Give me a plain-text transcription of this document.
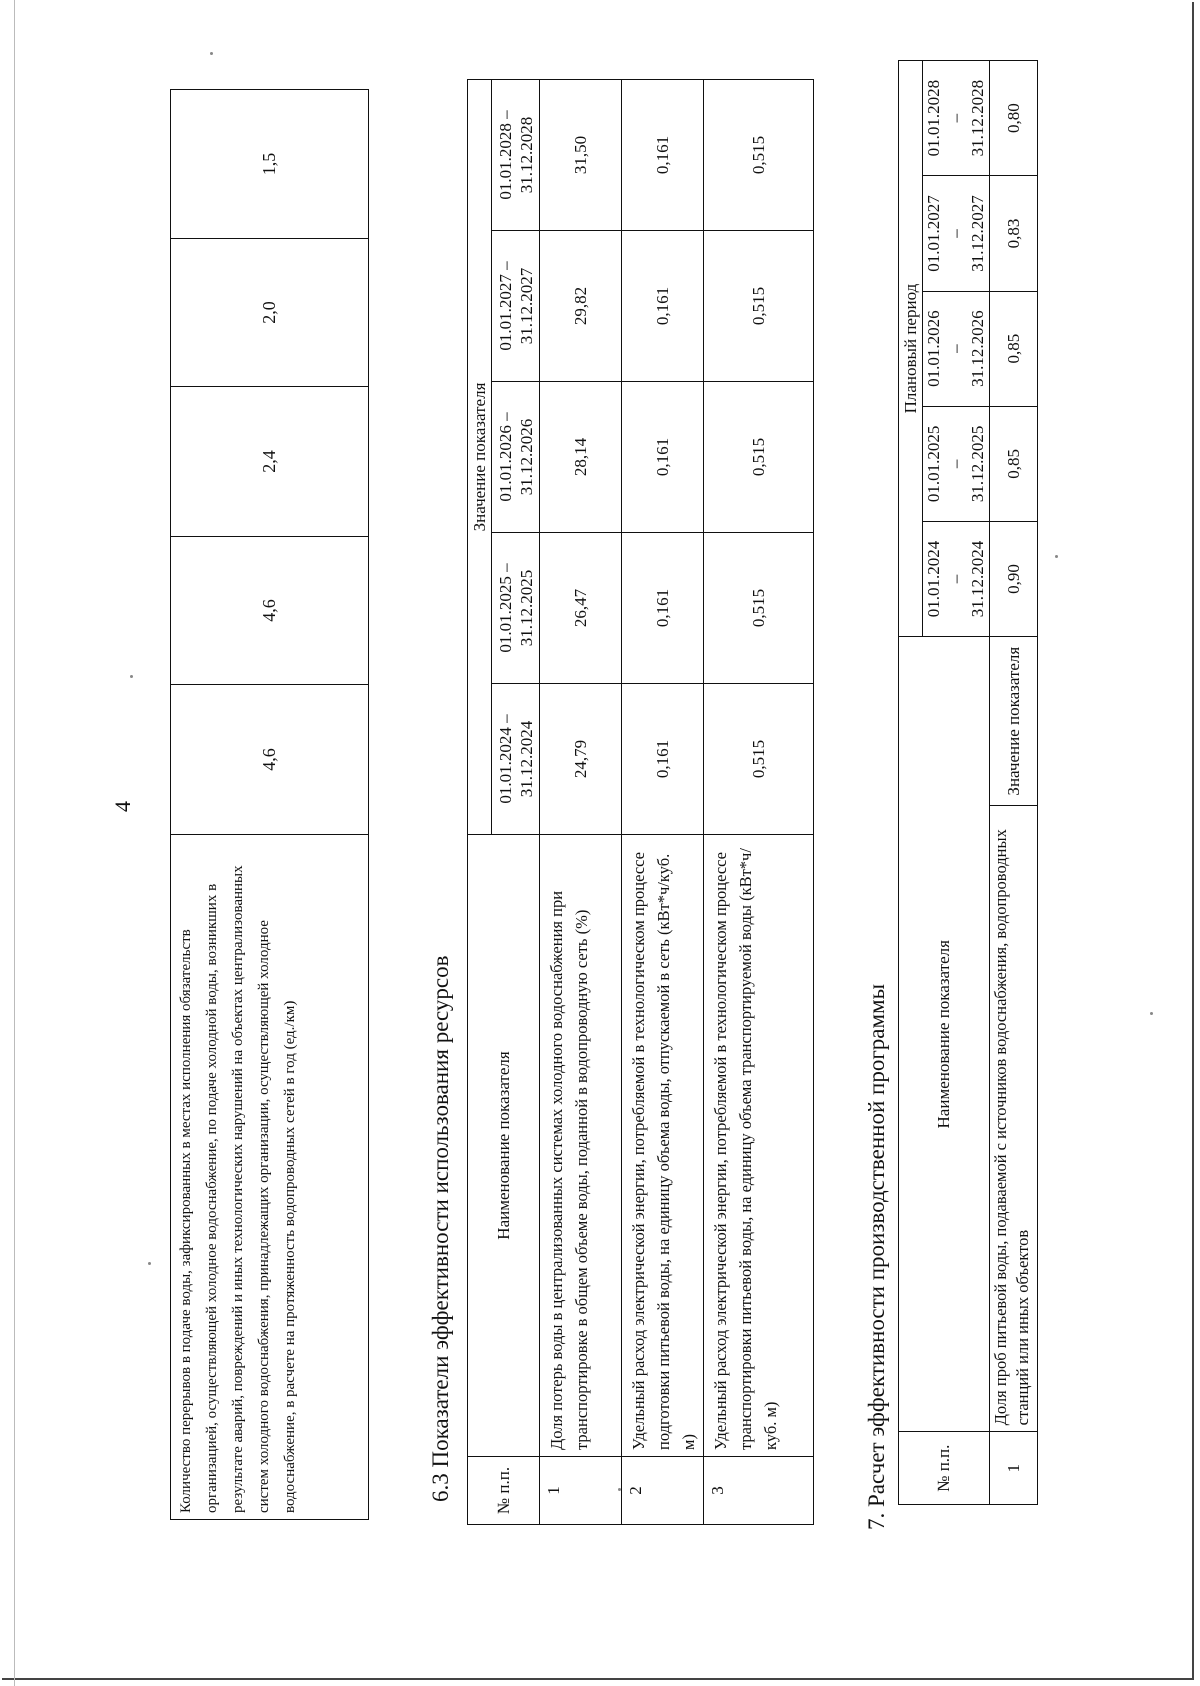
4
Количество перерывов в подаче воды, зафиксированных в местах исполнения обязательств организацией, осуществляющей холодное водоснабжение, по подаче холодной воды, возникших в результате аварий, повреждений и иных технологических нарушений на объектах централизованных систем холодного водоснабжения, принадлежащих организации, осуществляющей холодное водоснабжение, в расчете на протяженность водопроводных сетей в год (ед./км)	4,6	4,6	2,4	2,0	1,5
6.3 Показатели эффективности использования ресурсов № п.п.	Наименование показателя	Значение показателя				
		01.01.2024 – 31.12.2024	01.01.2025 – 31.12.2025	01.01.2026 – 31.12.2026	01.01.2027 – 31.12.2027	01.01.2028 – 31.12.2028
1	Доля потерь воды в централизованных системах холодного водоснабжения при транспортировке в общем объеме воды, поданной в водопроводную сеть (%)	24,79	26,47	28,14	29,82	31,50
2	Удельный расход электрической энергии, потребляемой в технологическом процессе подготовки питьевой воды, на единицу объема воды, отпускаемой в сеть (кВт*ч/куб. м)	0,161	0,161	0,161	0,161	0,161
3	Удельный расход электрической энергии, потребляемой в технологическом процессе транспортировки питьевой воды, на единицу объема транспортируемой воды (кВт*ч/куб. м)	0,515	0,515	0,515	0,515	0,515
7. Расчет эффективности производственной программы	№ п.п.	Наименование показателя		Плановый период				

			01.01.2024 – 31.12.2024	01.01.2025 – 31.12.2025	01.01.2026 – 31.12.2026	01.01.2027 – 31.12.2027	01.01.2028 – 31.12.2028

1	Доля проб питьевой воды, подаваемой с источников водоснабжения, водопроводных станций или иных объектов	Значение показателя	0,90	0,85	0,85	0,83	0,80
